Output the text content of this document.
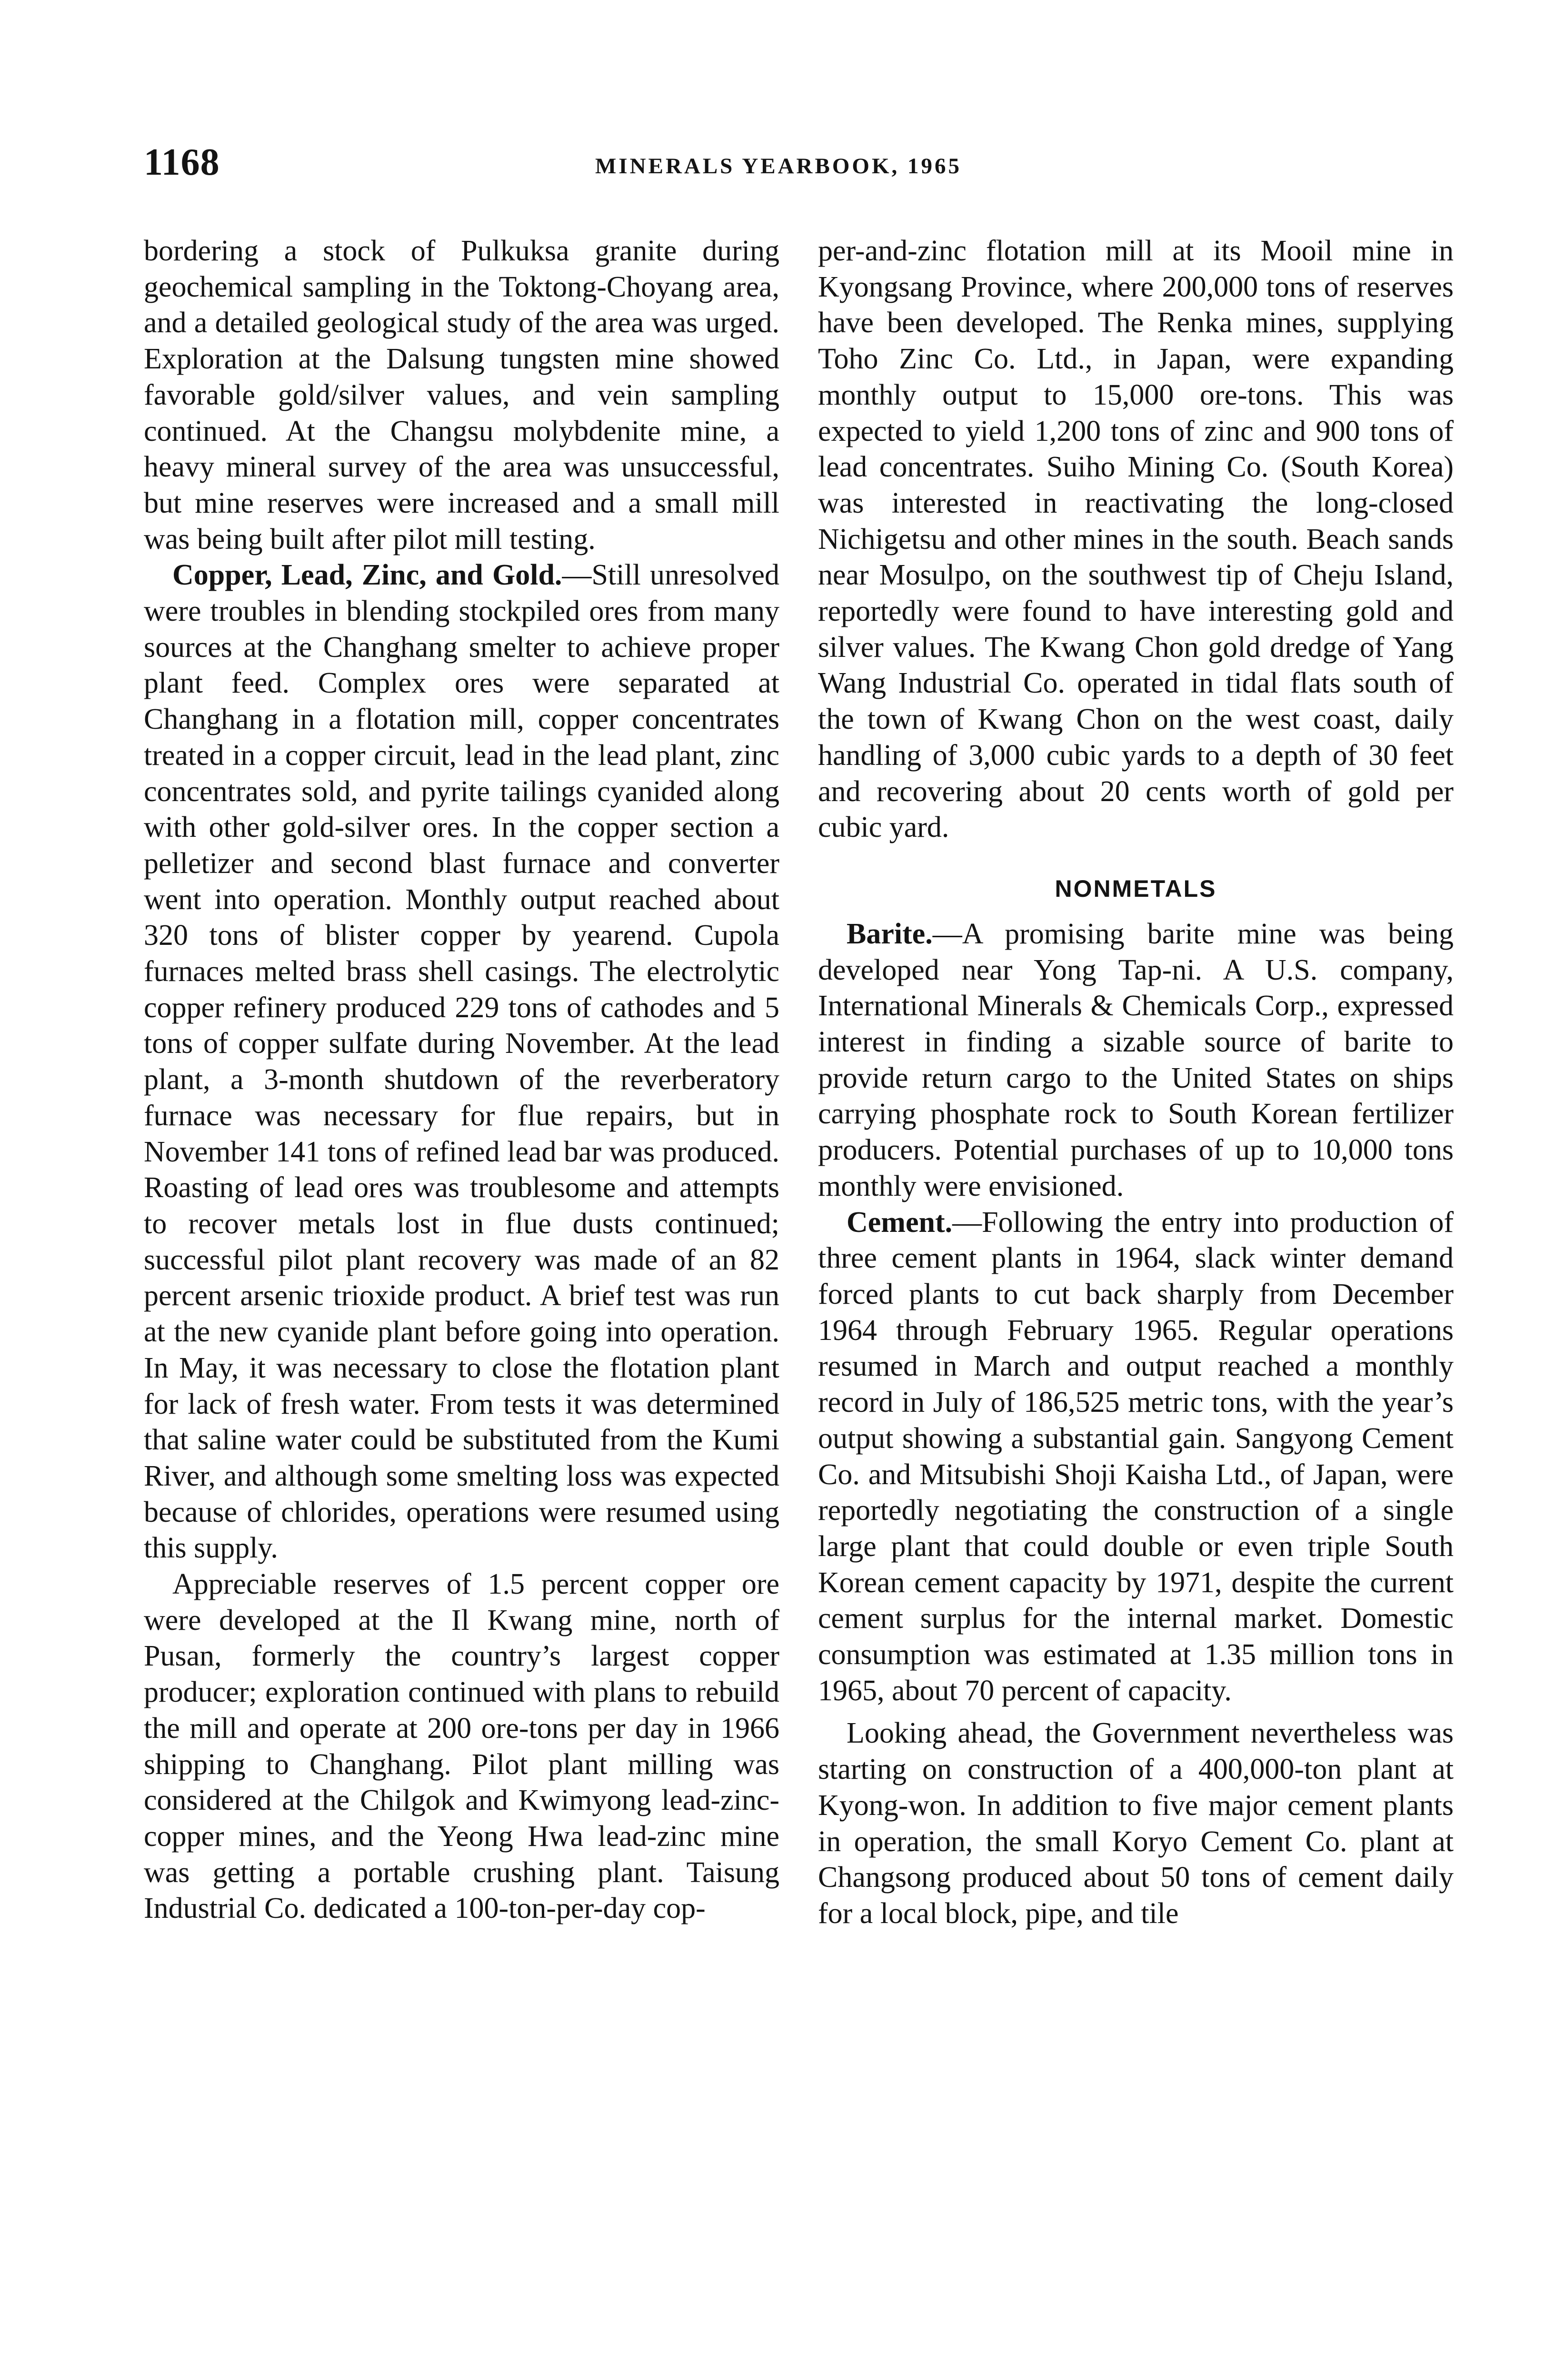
1168	MINERALS YEARBOOK, 1965

bordering a stock of Pulkuksa granite during geochemical sampling in the Toktong-Choyang area, and a detailed geological study of the area was urged. Exploration at the Dalsung tungsten mine showed favorable gold/silver values, and vein sampling continued. At the Changsu molybdenite mine, a heavy mineral survey of the area was unsuccessful, but mine reserves were increased and a small mill was being built after pilot mill testing.

Copper, Lead, Zinc, and Gold.—Still unresolved were troubles in blending stockpiled ores from many sources at the Changhang smelter to achieve proper plant feed. Complex ores were separated at Changhang in a flotation mill, copper concentrates treated in a copper circuit, lead in the lead plant, zinc concentrates sold, and pyrite tailings cyanided along with other gold-silver ores. In the copper section a pelletizer and second blast furnace and converter went into operation. Monthly output reached about 320 tons of blister copper by yearend. Cupola furnaces melted brass shell casings. The electrolytic copper refinery produced 229 tons of cathodes and 5 tons of copper sulfate during November. At the lead plant, a 3-month shutdown of the reverberatory furnace was necessary for flue repairs, but in November 141 tons of refined lead bar was produced. Roasting of lead ores was troublesome and attempts to recover metals lost in flue dusts continued; successful pilot plant recovery was made of an 82 percent arsenic trioxide product. A brief test was run at the new cyanide plant before going into operation. In May, it was necessary to close the flotation plant for lack of fresh water. From tests it was determined that saline water could be substituted from the Kumi River, and although some smelting loss was expected because of chlorides, operations were resumed using this supply.

Appreciable reserves of 1.5 percent copper ore were developed at the Il Kwang mine, north of Pusan, formerly the country’s largest copper producer; exploration continued with plans to rebuild the mill and operate at 200 ore-tons per day in 1966 shipping to Changhang. Pilot plant milling was considered at the Chilgok and Kwimyong lead-zinc-copper mines, and the Yeong Hwa lead-zinc mine was getting a portable crushing plant. Taisung Industrial Co. dedicated a 100-ton-per-day cop-

per-and-zinc flotation mill at its Mooil mine in Kyongsang Province, where 200,000 tons of reserves have been developed. The Renka mines, supplying Toho Zinc Co. Ltd., in Japan, were expanding monthly output to 15,000 ore-tons. This was expected to yield 1,200 tons of zinc and 900 tons of lead concentrates. Suiho Mining Co. (South Korea) was interested in reactivating the long-closed Nichigetsu and other mines in the south. Beach sands near Mosulpo, on the southwest tip of Cheju Island, reportedly were found to have interesting gold and silver values. The Kwang Chon gold dredge of Yang Wang Industrial Co. operated in tidal flats south of the town of Kwang Chon on the west coast, daily handling of 3,000 cubic yards to a depth of 30 feet and recovering about 20 cents worth of gold per cubic yard.

NONMETALS

Barite.—A promising barite mine was being developed near Yong Tap-ni. A U.S. company, International Minerals & Chemicals Corp., expressed interest in finding a sizable source of barite to provide return cargo to the United States on ships carrying phosphate rock to South Korean fertilizer producers. Potential purchases of up to 10,000 tons monthly were envisioned.

Cement.—Following the entry into production of three cement plants in 1964, slack winter demand forced plants to cut back sharply from December 1964 through February 1965. Regular operations resumed in March and output reached a monthly record in July of 186,525 metric tons, with the year’s output showing a substantial gain. Sangyong Cement Co. and Mitsubishi Shoji Kaisha Ltd., of Japan, were reportedly negotiating the construction of a single large plant that could double or even triple South Korean cement capacity by 1971, despite the current cement surplus for the internal market. Domestic consumption was estimated at 1.35 million tons in 1965, about 70 percent of capacity.

Looking ahead, the Government nevertheless was starting on construction of a 400,000-ton plant at Kyong-won. In addition to five major cement plants in operation, the small Koryo Cement Co. plant at Changsong produced about 50 tons of cement daily for a local block, pipe, and tile
